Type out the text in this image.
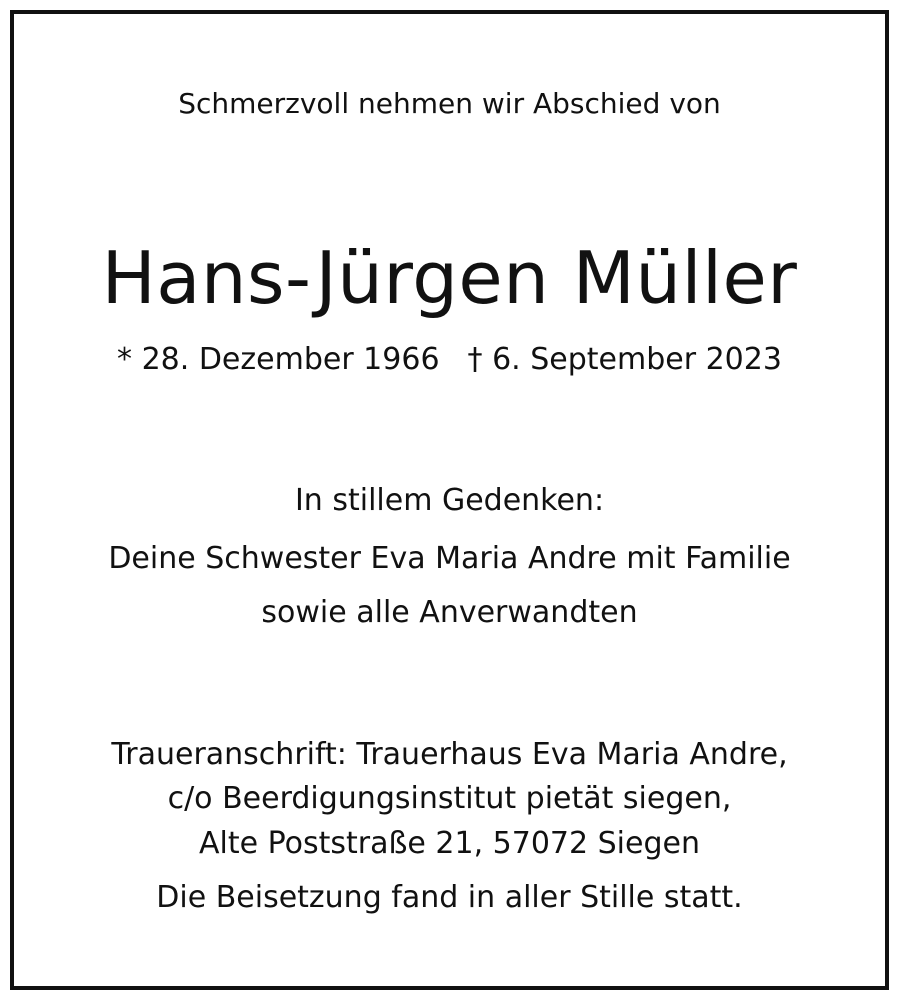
Schmerzvoll nehmen wir Abschied von
Hans-Jürgen Müller
* 28. Dezember 1966 † 6. September 2023
In stillem Gedenken:
Deine Schwester Eva Maria Andre mit Familie
sowie alle Anverwandten
Traueranschrift: Trauerhaus Eva Maria Andre,
c/o Beerdigungsinstitut pietät siegen,
Alte Poststraße 21, 57072 Siegen
Die Beisetzung fand in aller Stille statt.
